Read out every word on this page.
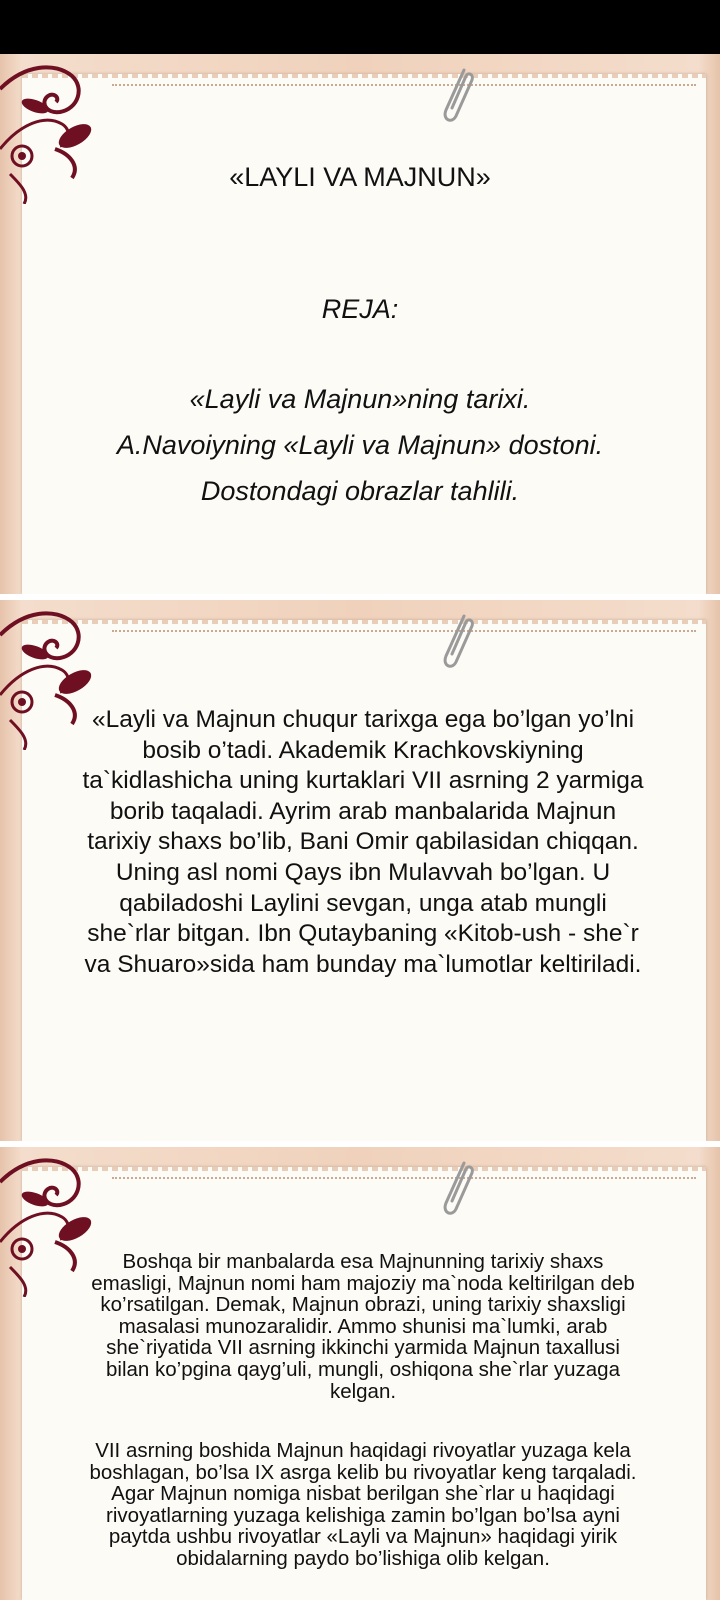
«LAYLI VA MAJNUN»
REJA:
«Layli va Majnun»ning tarixi.
A.Navoiyning «Layli va Majnun» dostoni.
Dostondagi obrazlar tahlili.
«Layli va Majnun chuqur tarixga ega bo’lgan yo’lni bosib o’tadi. Akademik Krachkovskiyning ta`kidlashicha uning kurtaklari VII asrning 2 yarmiga borib taqaladi. Ayrim arab manbalarida Majnun tarixiy shaxs bo’lib, Bani Omir qabilasidan chiqqan. Uning asl nomi Qays ibn Mulavvah bo’lgan. U qabiladoshi Laylini sevgan, unga atab mungli she`rlar bitgan. Ibn Qutaybaning «Kitob-ush - she`r va Shuaro»sida ham bunday ma`lumotlar keltiriladi.
Boshqa bir manbalarda esa Majnunning tarixiy shaxs emasligi, Majnun nomi ham majoziy ma`noda keltirilgan deb ko’rsatilgan. Demak, Majnun obrazi, uning tarixiy shaxsligi masalasi munozaralidir. Ammo shunisi ma`lumki, arab she`riyatida VII asrning ikkinchi yarmida Majnun taxallusi bilan ko’pgina qayg’uli, mungli, oshiqona she`rlar yuzaga kelgan.
VII asrning boshida Majnun haqidagi rivoyatlar yuzaga kela boshlagan, bo’lsa IX asrga kelib bu rivoyatlar keng tarqaladi. Agar Majnun nomiga nisbat berilgan she`rlar u haqidagi rivoyatlarning yuzaga kelishiga zamin bo’lgan bo’lsa ayni paytda ushbu rivoyatlar «Layli va Majnun» haqidagi yirik obidalarning paydo bo’lishiga olib kelgan.
